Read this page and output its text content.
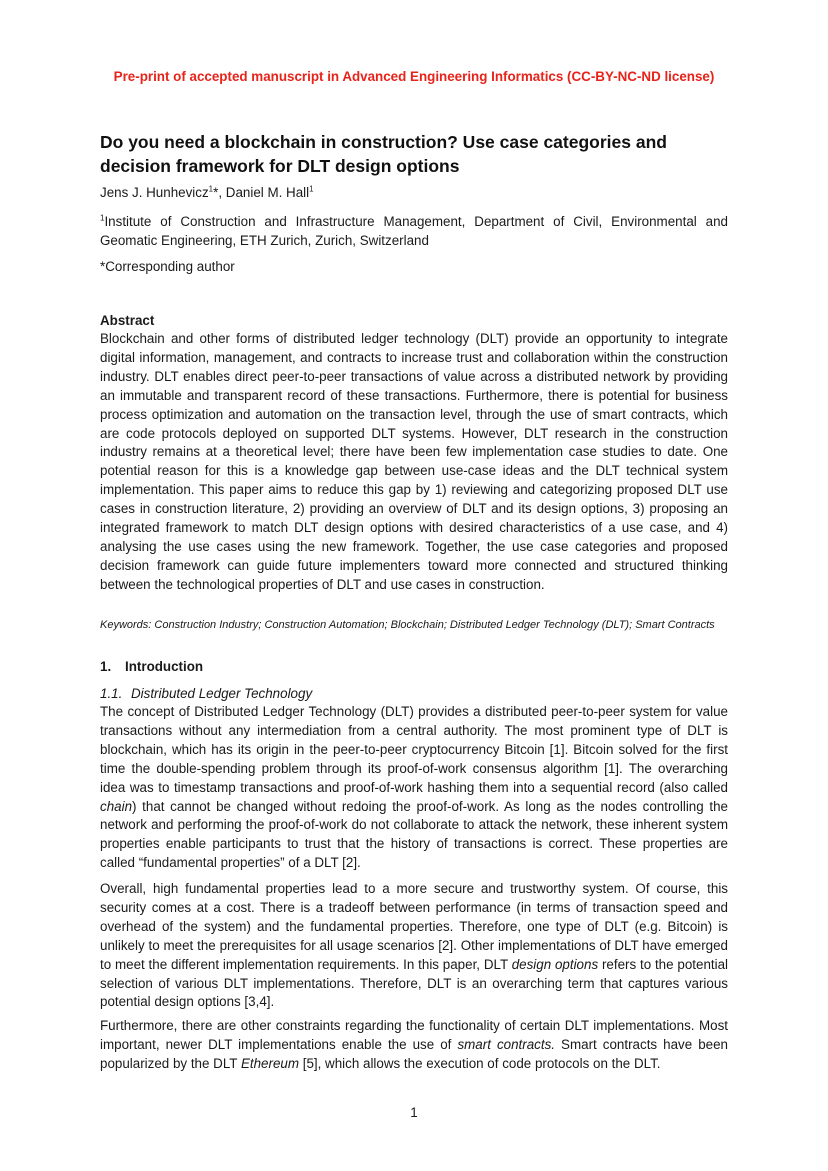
Pre-print of accepted manuscript in Advanced Engineering Informatics (CC-BY-NC-ND license)
Do you need a blockchain in construction? Use case categories and decision framework for DLT design options
Jens J. Hunhevicz$^1$*, Daniel M. Hall$^1$
$^1$Institute of Construction and Infrastructure Management, Department of Civil, Environmental and Geomatic Engineering, ETH Zurich, Zurich, Switzerland
*Corresponding author
Abstract

Blockchain and other forms of distributed ledger technology (DLT) provide an opportunity to integrate digital information, management, and contracts to increase trust and collaboration within the construction industry. DLT enables direct peer-to-peer transactions of value across a distributed network by providing an immutable and transparent record of these transactions. Furthermore, there is potential for business process optimization and automation on the transaction level, through the use of smart contracts, which are code protocols deployed on supported DLT systems. However, DLT research in the construction industry remains at a theoretical level; there have been few implementation case studies to date. One potential reason for this is a knowledge gap between use-case ideas and the DLT technical system implementation. This paper aims to reduce this gap by 1) reviewing and categorizing proposed DLT use cases in construction literature, 2) providing an overview of DLT and its design options, 3) proposing an integrated framework to match DLT design options with desired characteristics of a use case, and 4) analysing the use cases using the new framework. Together, the use case categories and proposed decision framework can guide future implementers toward more connected and structured thinking between the technological properties of DLT and use cases in construction.

Keywords: Construction Industry; Construction Automation; Blockchain; Distributed Ledger Technology (DLT); Smart Contracts

1. Introduction
1.1. Distributed Ledger Technology

The concept of Distributed Ledger Technology (DLT) provides a distributed peer-to-peer system for value transactions without any intermediation from a central authority. The most prominent type of DLT is blockchain, which has its origin in the peer-to-peer cryptocurrency Bitcoin [1]. Bitcoin solved for the first time the double-spending problem through its proof-of-work consensus algorithm [1]. The overarching idea was to timestamp transactions and proof-of-work hashing them into a sequential record (also called chain) that cannot be changed without redoing the proof-of-work. As long as the nodes controlling the network and performing the proof-of-work do not collaborate to attack the network, these inherent system properties enable participants to trust that the history of transactions is correct. These properties are called “fundamental properties” of a DLT [2].

Overall, high fundamental properties lead to a more secure and trustworthy system. Of course, this security comes at a cost. There is a tradeoff between performance (in terms of transaction speed and overhead of the system) and the fundamental properties. Therefore, one type of DLT (e.g. Bitcoin) is unlikely to meet the prerequisites for all usage scenarios [2]. Other implementations of DLT have emerged to meet the different implementation requirements. In this paper, DLT design options refers to the potential selection of various DLT implementations. Therefore, DLT is an overarching term that captures various potential design options [3,4].

Furthermore, there are other constraints regarding the functionality of certain DLT implementations. Most important, newer DLT implementations enable the use of smart contracts. Smart contracts have been popularized by the DLT Ethereum [5], which allows the execution of code protocols on the DLT.

1
